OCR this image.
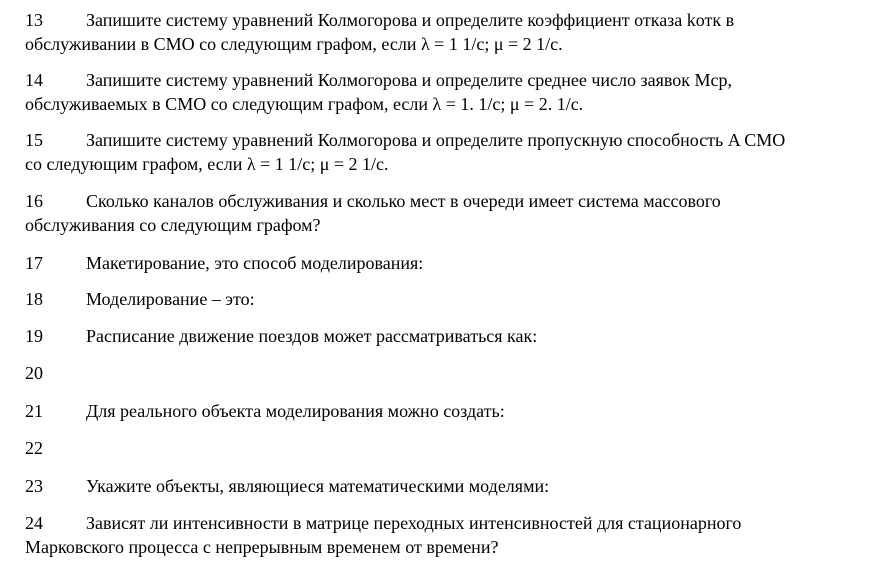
13 Запишите систему уравнений Колмогорова и определите коэффициент отказа kотк в
обслуживании в СМО со следующим графом, если λ = 1 1/с; μ = 2 1/с.
14 Запишите систему уравнений Колмогорова и определите среднее число заявок Mср,
обслуживаемых в СМО со следующим графом, если λ = 1. 1/с; μ = 2. 1/с.
15 Запишите систему уравнений Колмогорова и определите пропускную способность A СМО
со следующим графом, если λ = 1 1/с; μ = 2 1/с.
16 Сколько каналов обслуживания и сколько мест в очереди имеет система массового
обслуживания со следующим графом?
17 Макетирование, это способ моделирования:
18 Моделирование – это:
19 Расписание движение поездов может рассматриваться как:
20
21 Для реального объекта моделирования можно создать:
22
23 Укажите объекты, являющиеся математическими моделями:
24 Зависят ли интенсивности в матрице переходных интенсивностей для стационарного
Марковского процесса с непрерывным временем от времени?
